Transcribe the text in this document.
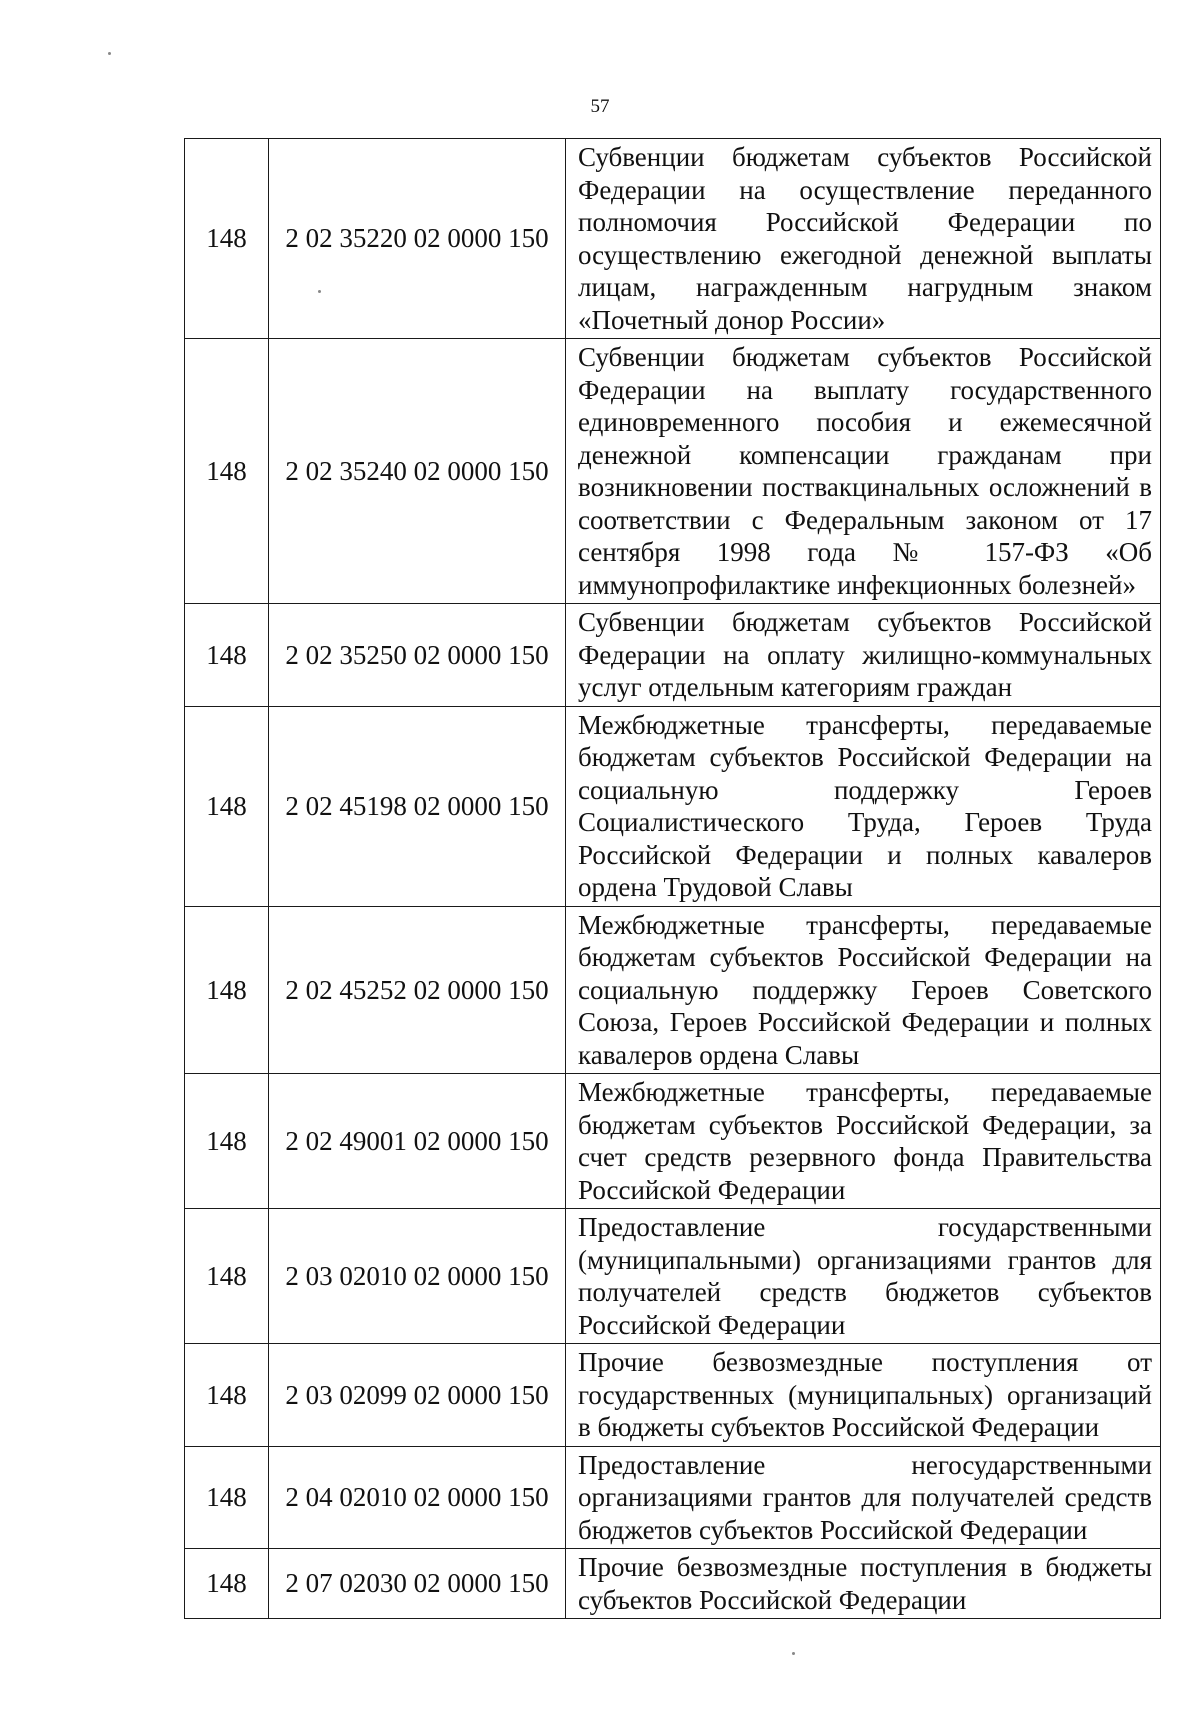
57
148	2 02 35220 02 0000 150	Субвенции бюджетам субъектов Российской Федерации на осуществление переданного полномочия Российской Федерации по осуществлению ежегодной денежной выплаты лицам, награжденным нагрудным знаком «Почетный донор России»
148	2 02 35240 02 0000 150	Субвенции бюджетам субъектов Российской Федерации на выплату государственного единовременного пособия и ежемесячной денежной компенсации гражданам при возникновении поствакцинальных осложнений в соответствии с Федеральным законом от 17 сентября 1998 года № 157-ФЗ «Об иммунопрофилактике инфекционных болезней»
148	2 02 35250 02 0000 150	Субвенции бюджетам субъектов Российской Федерации на оплату жилищно-коммунальных услуг отдельным категориям граждан
148	2 02 45198 02 0000 150	Межбюджетные трансферты, передаваемые бюджетам субъектов Российской Федерации на социальную поддержку Героев Социалистического Труда, Героев Труда Российской Федерации и полных кавалеров ордена Трудовой Славы
148	2 02 45252 02 0000 150	Межбюджетные трансферты, передаваемые бюджетам субъектов Российской Федерации на социальную поддержку Героев Советского Союза, Героев Российской Федерации и полных кавалеров ордена Славы
148	2 02 49001 02 0000 150	Межбюджетные трансферты, передаваемые бюджетам субъектов Российской Федерации, за счет средств резервного фонда Правительства Российской Федерации
148	2 03 02010 02 0000 150	Предоставление государственными (муниципальными) организациями грантов для получателей средств бюджетов субъектов Российской Федерации
148	2 03 02099 02 0000 150	Прочие безвозмездные поступления от государственных (муниципальных) организаций в бюджеты субъектов Российской Федерации
148	2 04 02010 02 0000 150	Предоставление негосударственными организациями грантов для получателей средств бюджетов субъектов Российской Федерации
148	2 07 02030 02 0000 150	Прочие безвозмездные поступления в бюджеты субъектов Российской Федерации
